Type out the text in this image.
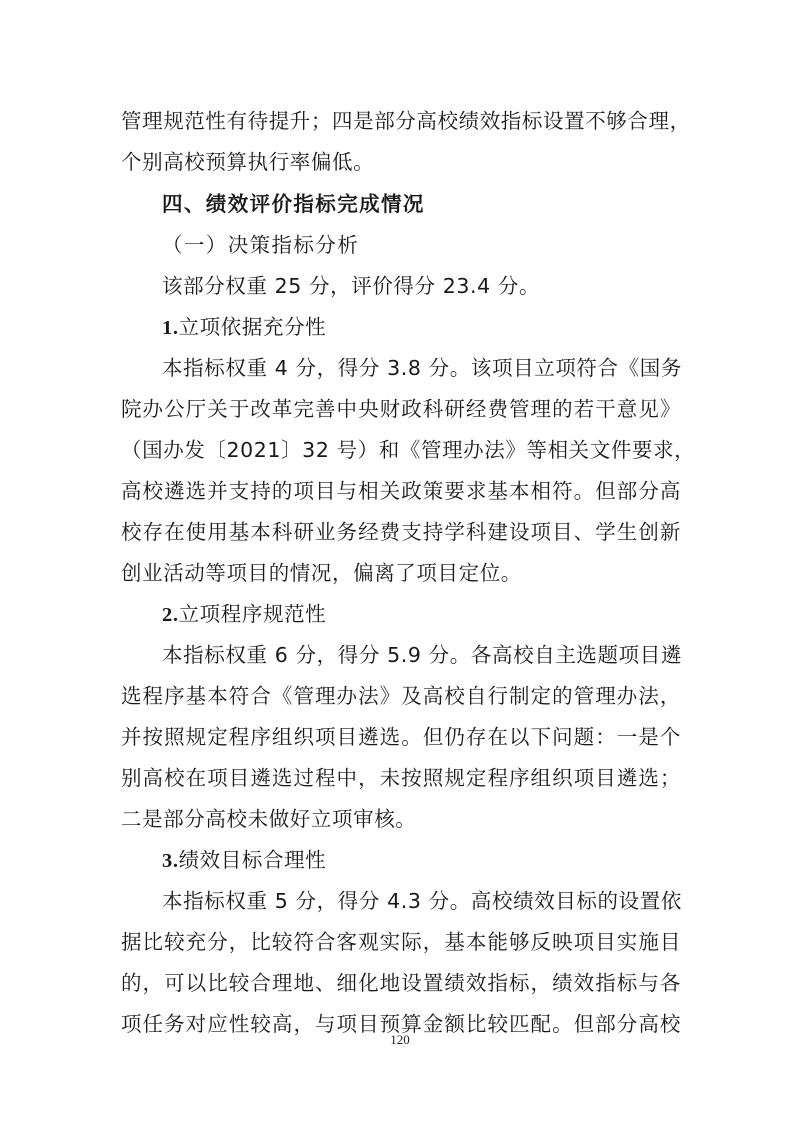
管理规范性有待提升；四是部分高校绩效指标设置不够合理，
个别高校预算执行率偏低。
四、绩效评价指标完成情况
（一）决策指标分析
该部分权重 25 分，评价得分 23.4 分。
1.立项依据充分性
本指标权重 4 分，得分 3.8 分。该项目立项符合《国务
院办公厅关于改革完善中央财政科研经费管理的若干意见》
（国办发〔2021〕32 号）和《管理办法》等相关文件要求，
高校遴选并支持的项目与相关政策要求基本相符。但部分高
校存在使用基本科研业务经费支持学科建设项目、学生创新
创业活动等项目的情况，偏离了项目定位。
2.立项程序规范性
本指标权重 6 分，得分 5.9 分。各高校自主选题项目遴
选程序基本符合《管理办法》及高校自行制定的管理办法，
并按照规定程序组织项目遴选。但仍存在以下问题：一是个
别高校在项目遴选过程中，未按照规定程序组织项目遴选；
二是部分高校未做好立项审核。
3.绩效目标合理性
本指标权重 5 分，得分 4.3 分。高校绩效目标的设置依
据比较充分，比较符合客观实际，基本能够反映项目实施目
的，可以比较合理地、细化地设置绩效指标，绩效指标与各
项任务对应性较高，与项目预算金额比较匹配。但部分高校
120
